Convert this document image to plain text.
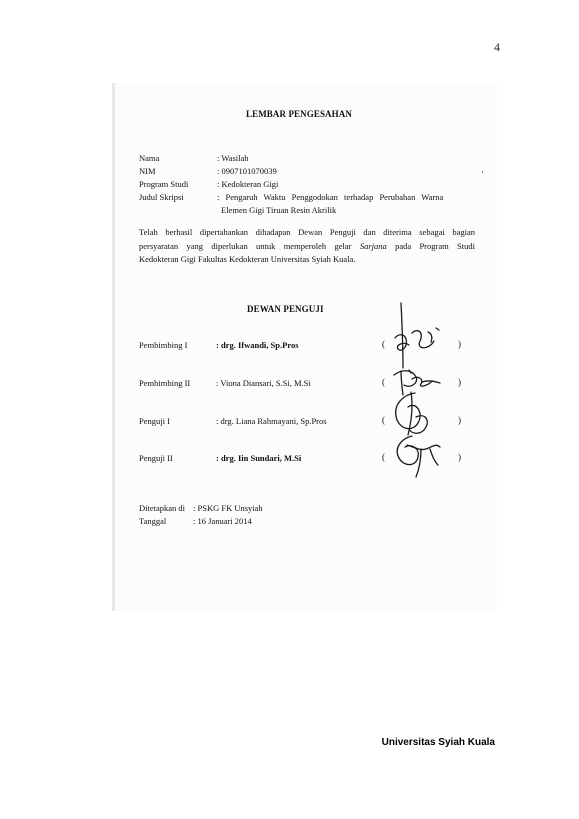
4
LEMBAR PENGESAHAN
Nama	: Wasilah
NIM	: 0907101070039
Program Studi	: Kedokteran Gigi
Judul Skripsi	: Pengaruh Waktu Penggodokan terhadap Perubahan Warna
Elemen Gigi Tiruan Resin Akrilik
Telah berhasil dipertahankan dihadapan Dewan Penguji dan diterima sebagai bagian
persyaratan yang diperlukan untuk memperoleh gelar Sarjana pada Program Studi
Kedokteran Gigi Fakultas Kedokteran Universitas Syiah Kuala.
DEWAN PENGUJI
Pembimbing I	: drg. Ifwandi, Sp.Pros	(	)
Pembimbing II	: Viona Diansari, S.Si, M.Si	(	)
Penguji I	: drg. Liana Rahmayani, Sp.Pros	(	)
Penguji II	: drg. Iin Sundari, M.Si	(	)
Ditetapkan di : PSKG FK Unsyiah
Tanggal	: 16 Januari 2014
Universitas Syiah Kuala
